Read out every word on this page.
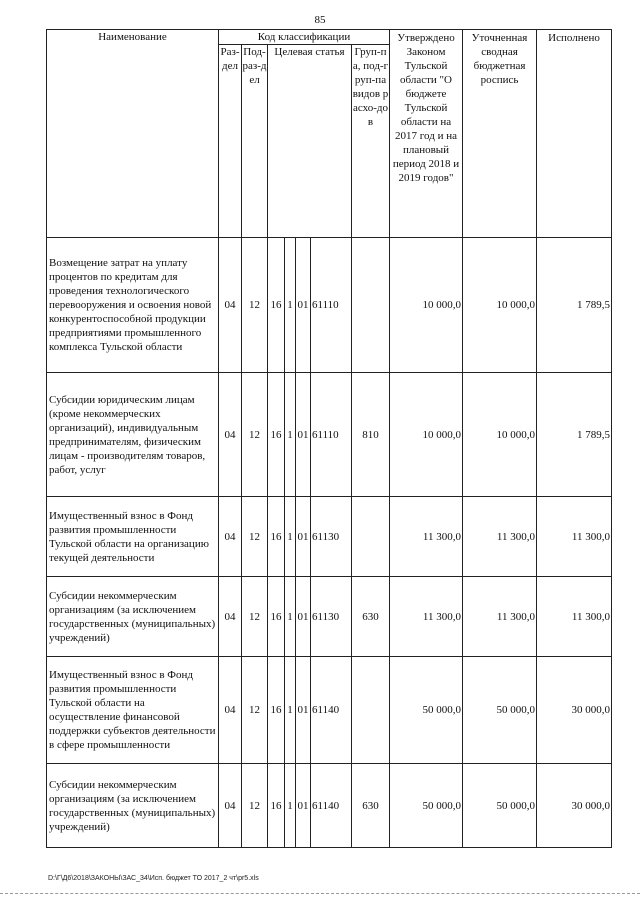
85
Наименование	Код классификации							Утверждено Законом Тульской области "О бюджете Тульской области на 2017 год и на плановый период 2018 и 2019 годов"	Уточненная сводная бюджетная роспись	Исполнено
	Раз-дел	Под-раз-дел	Целевая статья				Груп-па, под-груп-па видов расхо-дов			
Возмещение затрат на уплату процентов по кредитам для проведения технологического перевооружения и освоения новой конкурентоспособной продукции предприятиями промышленного комплекса Тульской области	04	12	16	1	01	61110		10 000,0	10 000,0	1 789,5
Субсидии юридическим лицам (кроме некоммерческих организаций), индивидуальным предпринимателям, физическим лицам - производителям товаров, работ, услуг	04	12	16	1	01	61110	810	10 000,0	10 000,0	1 789,5
Имущественный взнос в Фонд развития промышленности Тульской области на организацию текущей деятельности	04	12	16	1	01	61130		11 300,0	11 300,0	11 300,0
Субсидии некоммерческим организациям (за исключением государственных (муниципальных) учреждений)	04	12	16	1	01	61130	630	11 300,0	11 300,0	11 300,0
Имущественный взнос в Фонд развития промышленности Тульской области на осуществление финансовой поддержки субъектов деятельности в сфере промышленности	04	12	16	1	01	61140		50 000,0	50 000,0	30 000,0
Субсидии некоммерческим организациям (за исключением государственных (муниципальных) учреждений)	04	12	16	1	01	61140	630	50 000,0	50 000,0	30 000,0
D:\Г\Д6\2018\ЗАКОНЫ\ЗАС_34\Исп. бюджет ТО 2017_2 чт\pr5.xls
